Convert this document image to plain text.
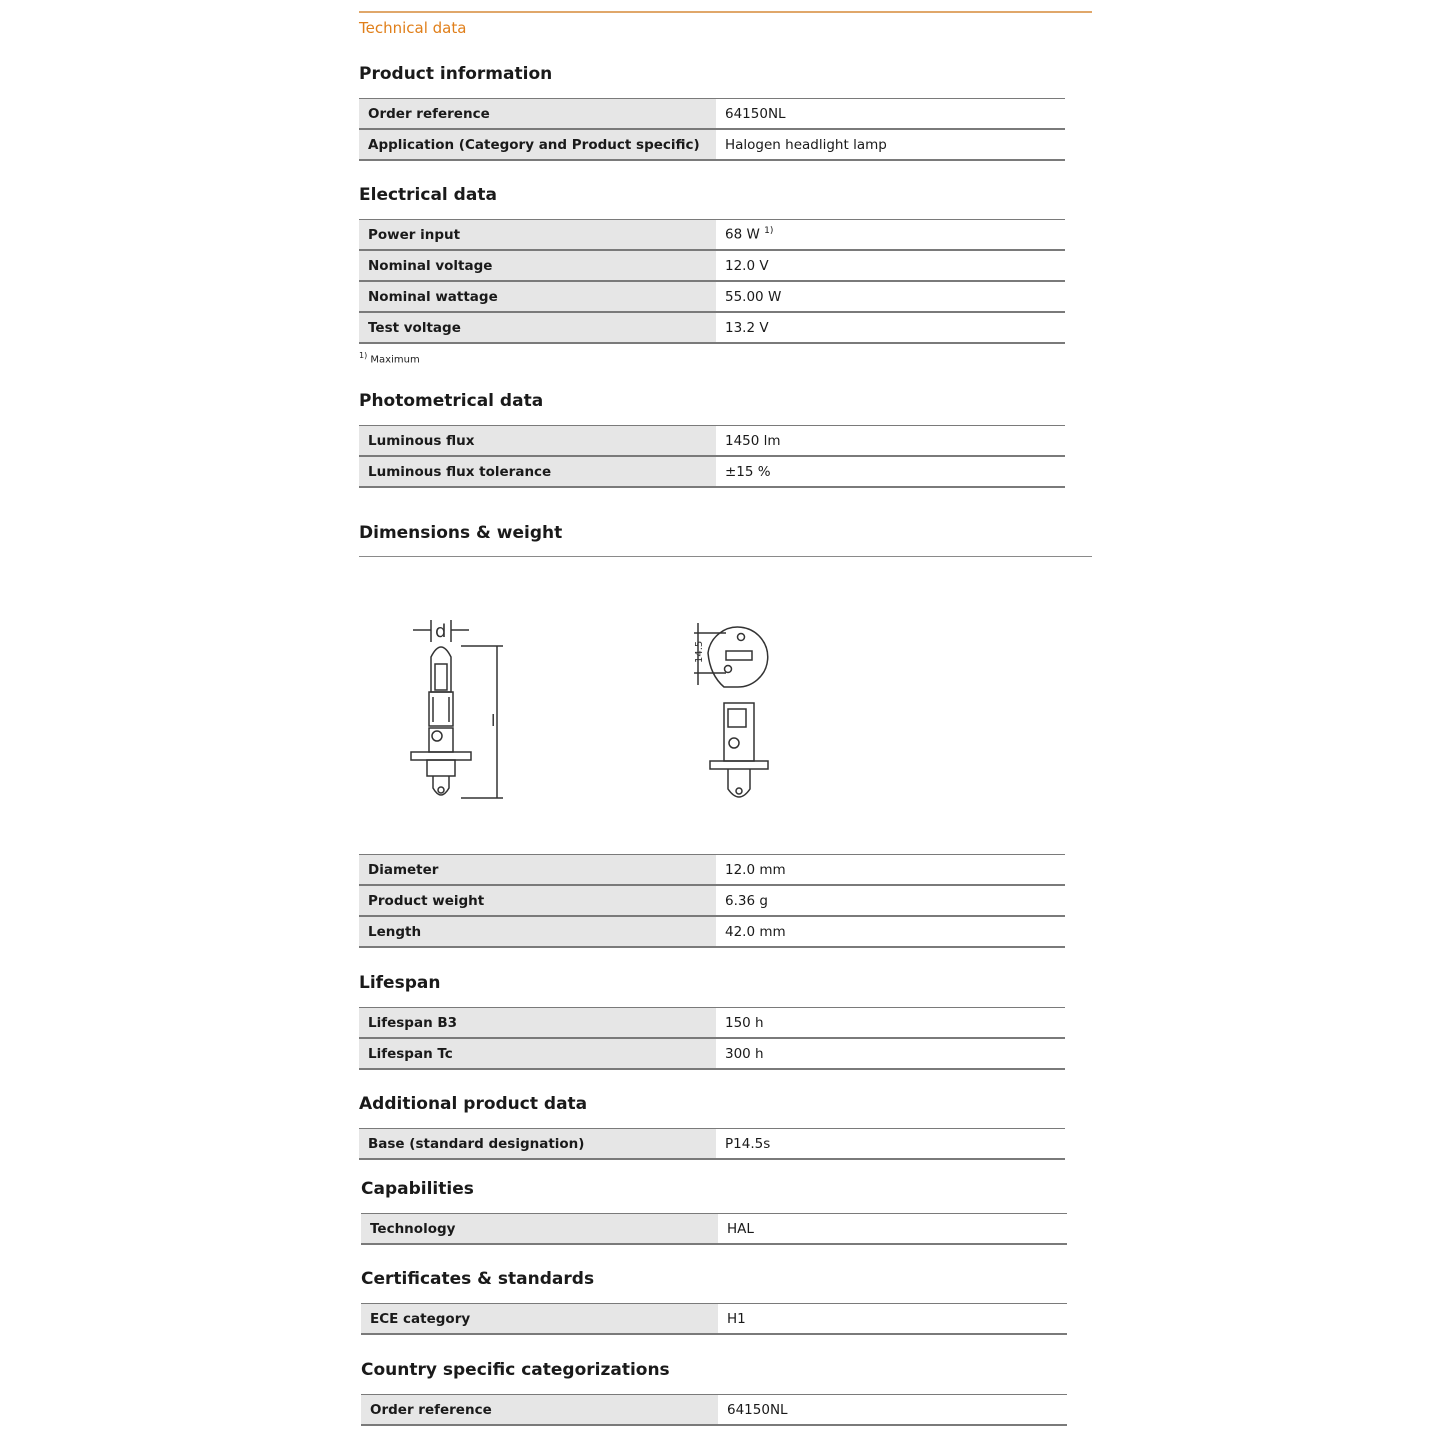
Technical data
Product information
Order reference	64150NL
Application (Category and Product specific)	Halogen headlight lamp
Electrical data
Power input	68 W $^{1)}$
Nominal voltage	12.0 V
Nominal wattage	55.00 W
Test voltage	13.2 V
$^{1)}$ Maximum
Photometrical data
Luminous flux	1450 lm
Luminous flux tolerance	±15 %
Dimensions & weight
d
l
14.5
Diameter	12.0 mm
Product weight	6.36 g
Length	42.0 mm
Lifespan
Lifespan B3	150 h
Lifespan Tc	300 h
Additional product data
Base (standard designation)	P14.5s
Capabilities
Technology	HAL
Certificates & standards
ECE category	H1
Country specific categorizations
Order reference	64150NL
